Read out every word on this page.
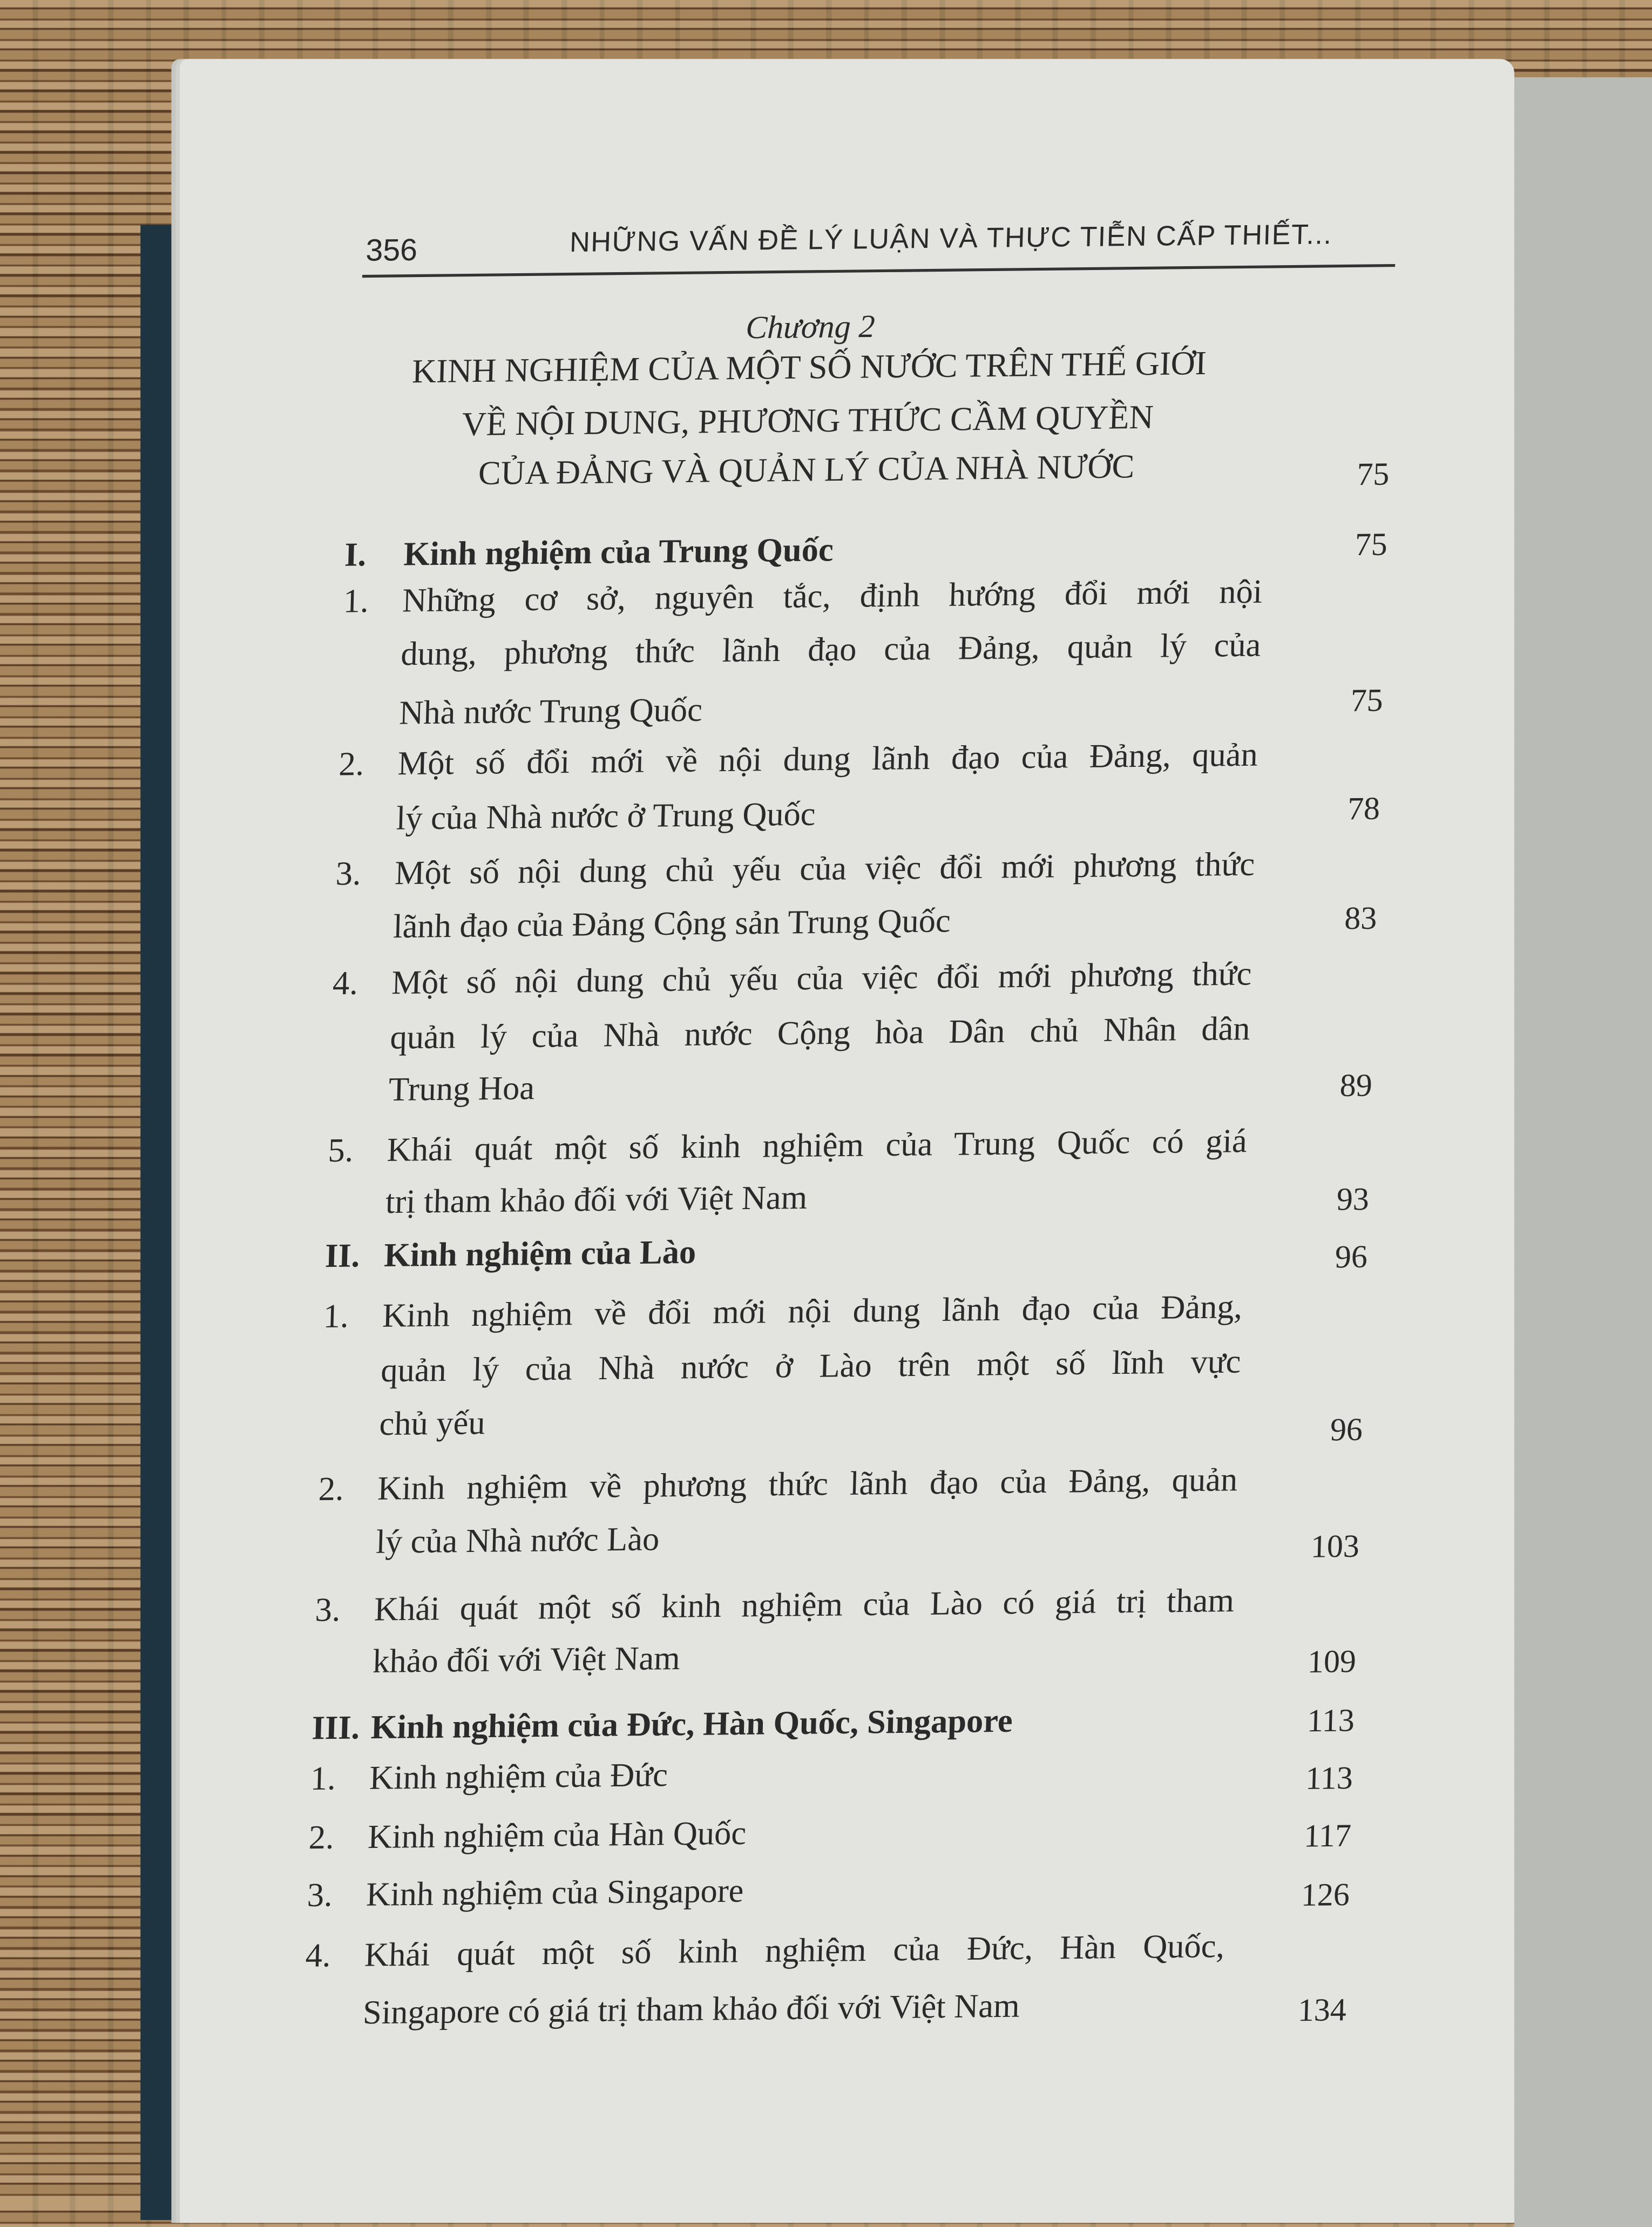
356	NHỮNG VẤN ĐỀ LÝ LUẬN VÀ THỰC TIỄN CẤP THIẾT...
Chương 2
KINH NGHIỆM CỦA MỘT SỐ NƯỚC TRÊN THẾ GIỚI
VỀ NỘI DUNG, PHƯƠNG THỨC CẦM QUYỀN
CỦA ĐẢNG VÀ QUẢN LÝ CỦA NHÀ NƯỚC	75
I.	Kinh nghiệm của Trung Quốc	75
1.	Những cơ sở, nguyên tắc, định hướng đổi mới nội
dung, phương thức lãnh đạo của Đảng, quản lý của
Nhà nước Trung Quốc	75
2.	Một số đổi mới về nội dung lãnh đạo của Đảng, quản
lý của Nhà nước ở Trung Quốc	78
3.	Một số nội dung chủ yếu của việc đổi mới phương thức
lãnh đạo của Đảng Cộng sản Trung Quốc	83
4.	Một số nội dung chủ yếu của việc đổi mới phương thức
quản lý của Nhà nước Cộng hòa Dân chủ Nhân dân
Trung Hoa	89
5.	Khái quát một số kinh nghiệm của Trung Quốc có giá
trị tham khảo đối với Việt Nam	93
II. Kinh nghiệm của Lào	96
1.	Kinh nghiệm về đổi mới nội dung lãnh đạo của Đảng,
quản lý của Nhà nước ở Lào trên một số lĩnh vực
chủ yếu	96
2.	Kinh nghiệm về phương thức lãnh đạo của Đảng, quản
lý của Nhà nước Lào	103
3.	Khái quát một số kinh nghiệm của Lào có giá trị tham
khảo đối với Việt Nam	109
III. Kinh nghiệm của Đức, Hàn Quốc, Singapore	113
1.	Kinh nghiệm của Đức	113
2.	Kinh nghiệm của Hàn Quốc	117
3.	Kinh nghiệm của Singapore	126
4.	Khái quát một số kinh nghiệm của Đức, Hàn Quốc,
Singapore có giá trị tham khảo đối với Việt Nam	134
